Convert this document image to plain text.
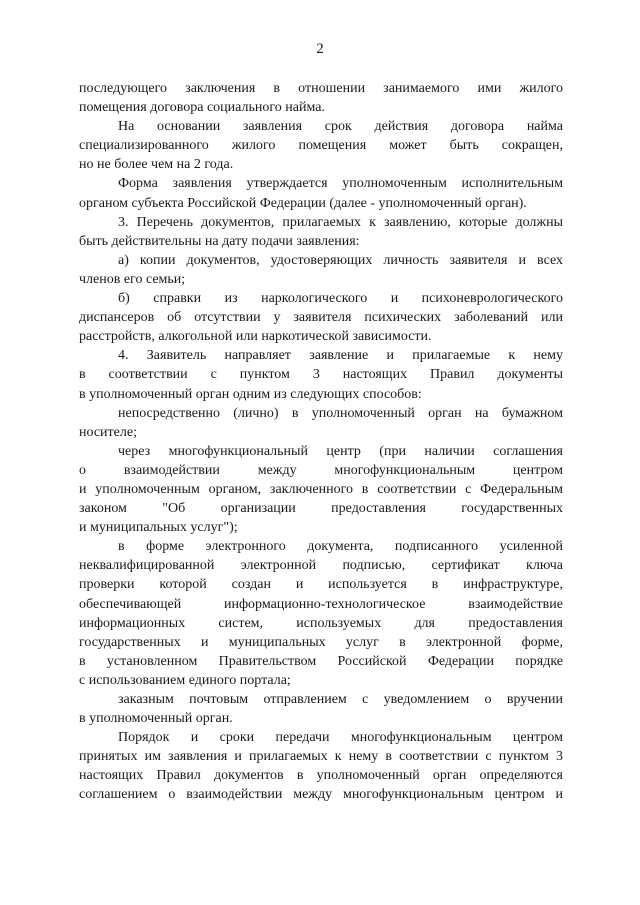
2
последующего заключения в отношении занимаемого ими жилого
помещения договора социального найма.
На основании заявления срок действия договора найма
специализированного жилого помещения может быть сокращен,
но не более чем на 2 года.
Форма заявления утверждается уполномоченным исполнительным
органом субъекта Российской Федерации (далее - уполномоченный орган).
3. Перечень документов, прилагаемых к заявлению, которые должны
быть действительны на дату подачи заявления:
а) копии документов, удостоверяющих личность заявителя и всех
членов его семьи;
б) справки из наркологического и психоневрологического
диспансеров об отсутствии у заявителя психических заболеваний или
расстройств, алкогольной или наркотической зависимости.
4. Заявитель направляет заявление и прилагаемые к нему
в соответствии с пунктом 3 настоящих Правил документы
в уполномоченный орган одним из следующих способов:
непосредственно (лично) в уполномоченный орган на бумажном
носителе;
через многофункциональный центр (при наличии соглашения
о взаимодействии между многофункциональным центром
и уполномоченным органом, заключенного в соответствии с Федеральным
законом "Об организации предоставления государственных
и муниципальных услуг");
в форме электронного документа, подписанного усиленной
неквалифицированной электронной подписью, сертификат ключа
проверки которой создан и используется в инфраструктуре,
обеспечивающей информационно-технологическое взаимодействие
информационных систем, используемых для предоставления
государственных и муниципальных услуг в электронной форме,
в установленном Правительством Российской Федерации порядке
с использованием единого портала;
заказным почтовым отправлением с уведомлением о вручении
в уполномоченный орган.
Порядок и сроки передачи многофункциональным центром
принятых им заявления и прилагаемых к нему в соответствии с пунктом 3
настоящих Правил документов в уполномоченный орган определяются
соглашением о взаимодействии между многофункциональным центром и
